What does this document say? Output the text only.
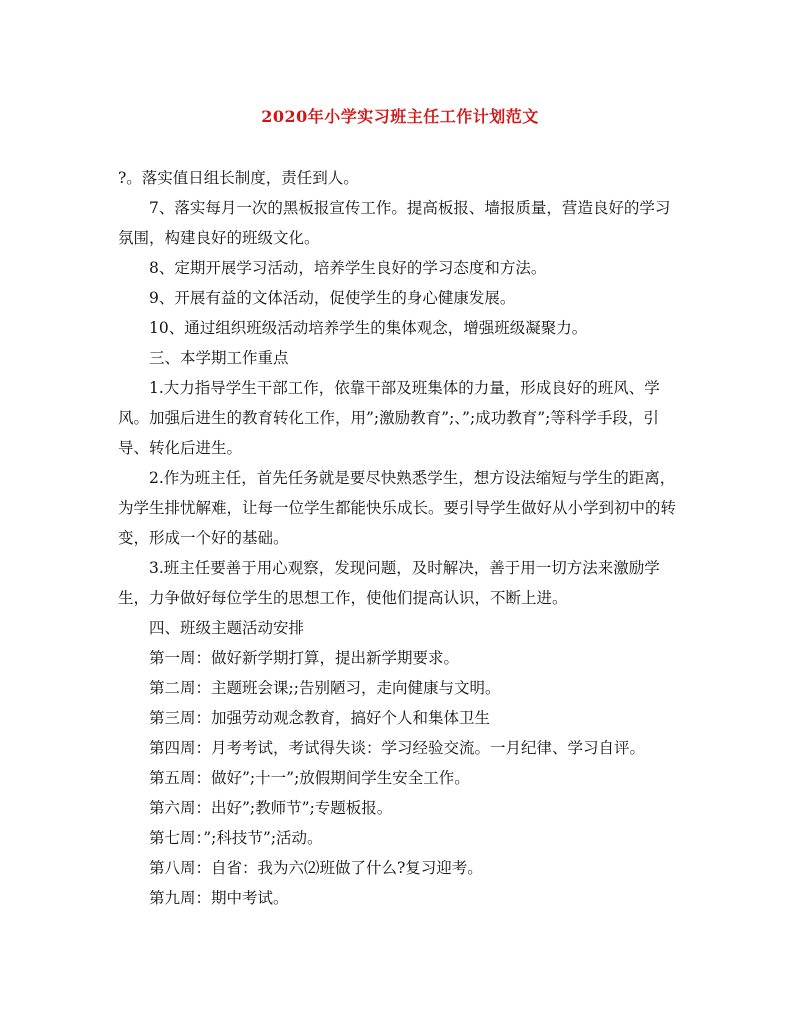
2020年小学实习班主任工作计划范文

?。落实值日组长制度，责任到人。

7、落实每月一次的黑板报宣传工作。提高板报、墙报质量，营造良好的学习氛围，构建良好的班级文化。

8、定期开展学习活动，培养学生良好的学习态度和方法。

9、开展有益的文体活动，促使学生的身心健康发展。

10、通过组织班级活动培养学生的集体观念，增强班级凝聚力。

三、本学期工作重点

1.大力指导学生干部工作，依靠干部及班集体的力量，形成良好的班风、学风。加强后进生的教育转化工作，用”;激励教育”;、”;成功教育”;等科学手段，引导、转化后进生。

2.作为班主任，首先任务就是要尽快熟悉学生，想方设法缩短与学生的距离，为学生排忧解难，让每一位学生都能快乐成长。要引导学生做好从小学到初中的转变，形成一个好的基础。

3.班主任要善于用心观察，发现问题，及时解决，善于用一切方法来激励学生，力争做好每位学生的思想工作，使他们提高认识，不断上进。

四、班级主题活动安排

第一周：做好新学期打算，提出新学期要求。

第二周：主题班会课;;告别陋习，走向健康与文明。

第三周：加强劳动观念教育，搞好个人和集体卫生

第四周：月考考试，考试得失谈：学习经验交流。一月纪律、学习自评。

第五周：做好”;十一”;放假期间学生安全工作。

第六周：出好”;教师节”;专题板报。

第七周：”;科技节”;活动。

第八周：自省：我为六⑵班做了什么?复习迎考。

第九周：期中考试。
